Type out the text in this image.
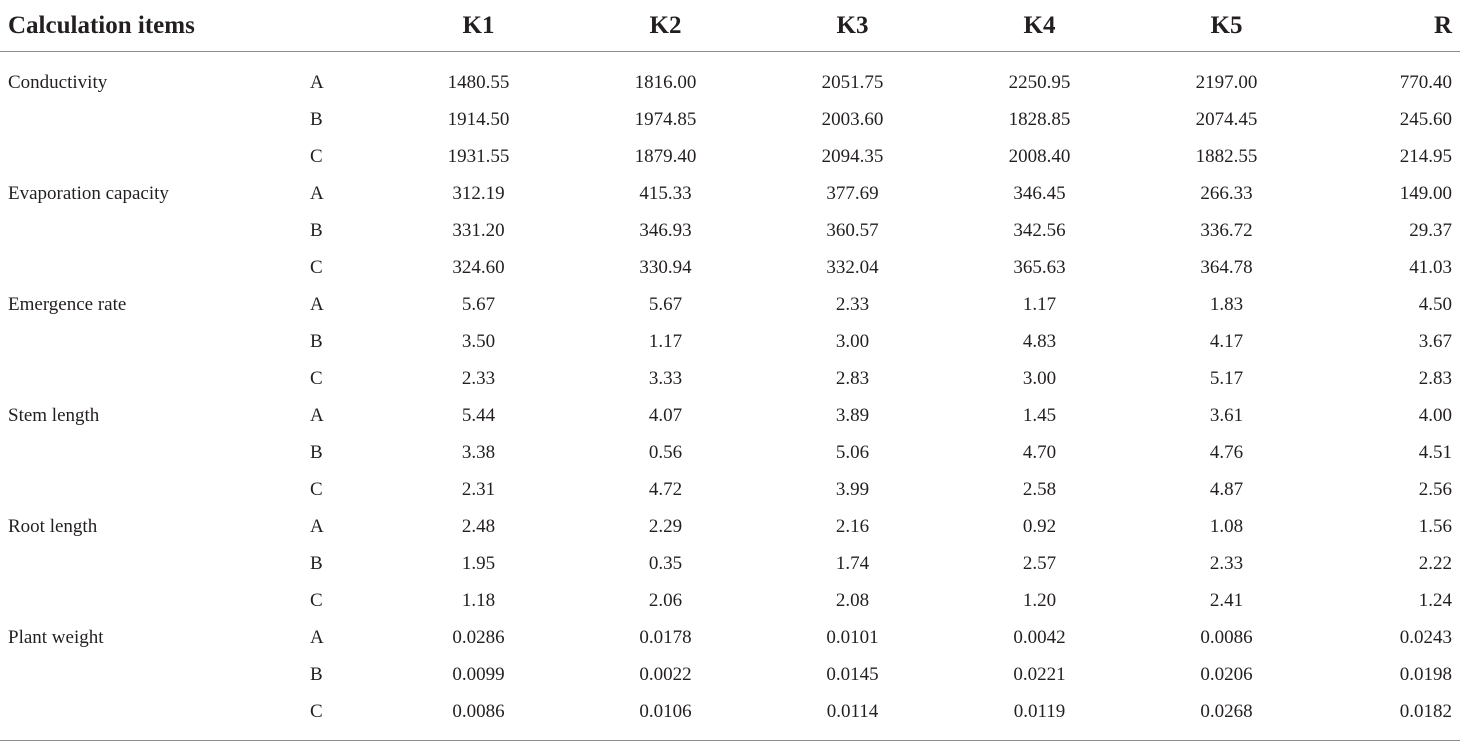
Calculation items		K1	K2	K3	K4	K5	R
Conductivity	A	1480.55	1816.00	2051.75	2250.95	2197.00	770.40
	B	1914.50	1974.85	2003.60	1828.85	2074.45	245.60
	C	1931.55	1879.40	2094.35	2008.40	1882.55	214.95
Evaporation capacity	A	312.19	415.33	377.69	346.45	266.33	149.00
	B	331.20	346.93	360.57	342.56	336.72	29.37
	C	324.60	330.94	332.04	365.63	364.78	41.03
Emergence rate	A	5.67	5.67	2.33	1.17	1.83	4.50
	B	3.50	1.17	3.00	4.83	4.17	3.67
	C	2.33	3.33	2.83	3.00	5.17	2.83
Stem length	A	5.44	4.07	3.89	1.45	3.61	4.00
	B	3.38	0.56	5.06	4.70	4.76	4.51
	C	2.31	4.72	3.99	2.58	4.87	2.56
Root length	A	2.48	2.29	2.16	0.92	1.08	1.56
	B	1.95	0.35	1.74	2.57	2.33	2.22
	C	1.18	2.06	2.08	1.20	2.41	1.24
Plant weight	A	0.0286	0.0178	0.0101	0.0042	0.0086	0.0243
	B	0.0099	0.0022	0.0145	0.0221	0.0206	0.0198
	C	0.0086	0.0106	0.0114	0.0119	0.0268	0.0182
